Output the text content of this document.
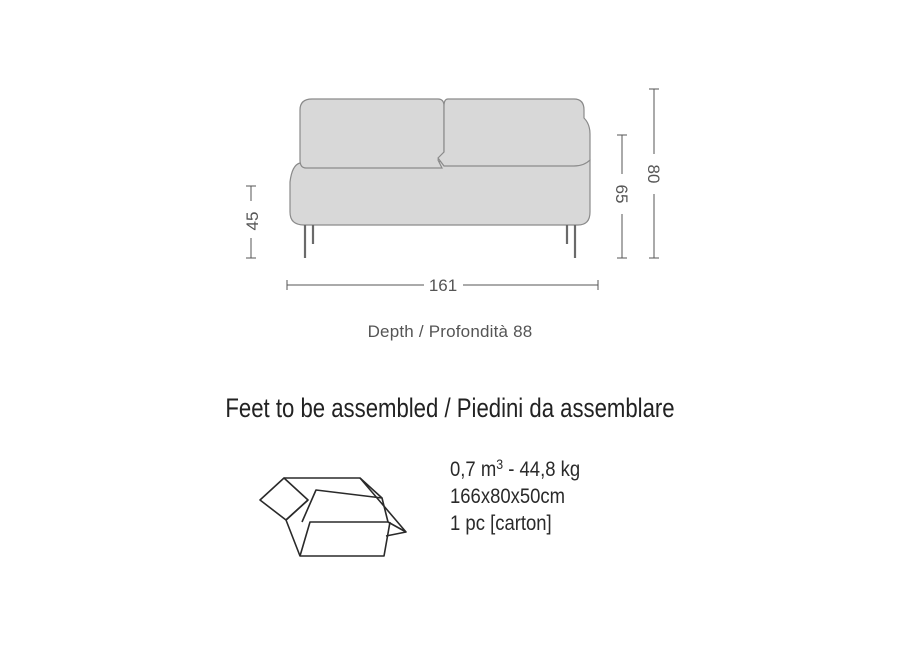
45
161
65
80
Depth / Profondità 88
Feet to be assembled / Piedini da assemblare
0,7 $m^3 - 44,8$ kg
166x80x50cm
1 pc [carton]
